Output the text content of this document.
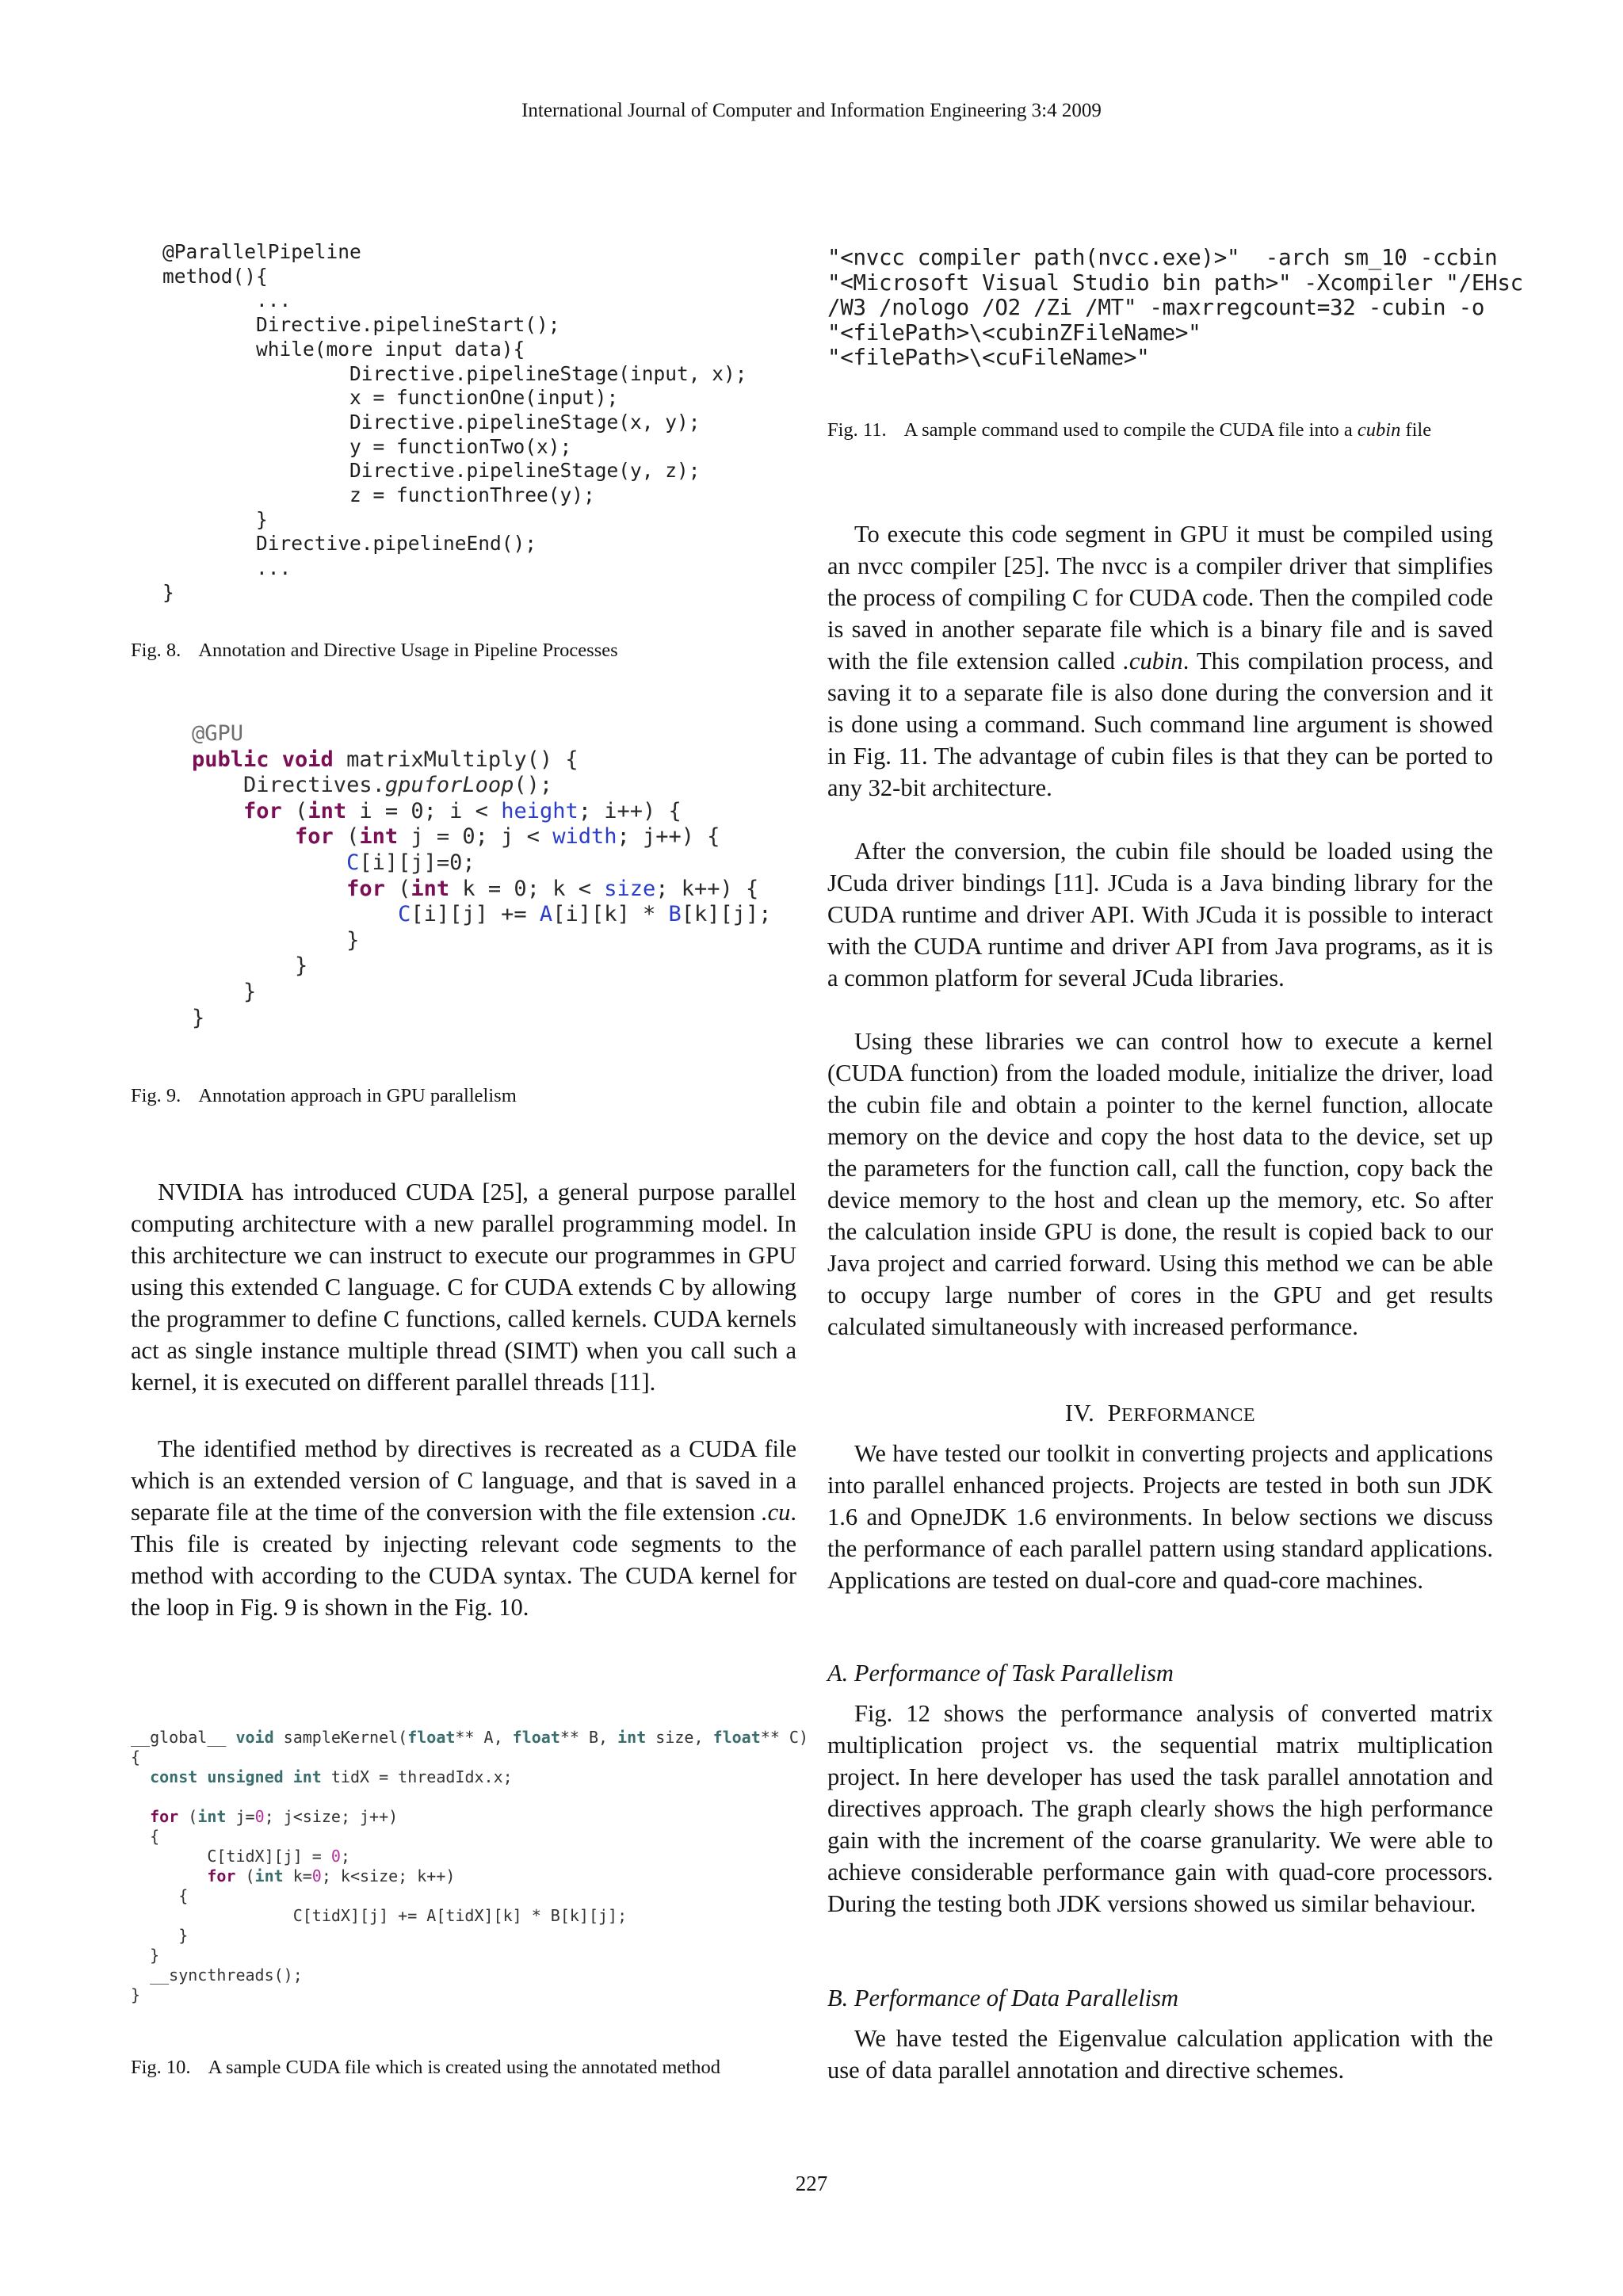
International Journal of Computer and Information Engineering 3:4 2009
@ParallelPipeline
method(){
...
Directive.pipelineStart();
while(more input data){
Directive.pipelineStage(input, x);
x = functionOne(input);
Directive.pipelineStage(x, y);
y = functionTwo(x);
Directive.pipelineStage(y, z);
z = functionThree(y);
}
Directive.pipelineEnd();
...
}
Fig. 8. Annotation and Directive Usage in Pipeline Processes
@GPU
public void matrixMultiply() {
Directives.gpuforLoop();
for (int i = 0; i < height; i++) {
for (int j = 0; j < width; j++) {
C[i][j]=0;
for (int k = 0; k < size; k++) {
C[i][j] += A[i][k] * B[k][j];
}
}
}
}
Fig. 9. Annotation approach in GPU parallelism
NVIDIA has introduced CUDA [25], a general purpose parallel computing architecture with a new parallel programming model. In this architecture we can instruct to execute our programmes in GPU using this extended C language. C for CUDA extends C by allowing the programmer to define C functions, called kernels. CUDA kernels act as single instance multiple thread (SIMT) when you call such a kernel, it is executed on different parallel threads [11].
The identified method by directives is recreated as a CUDA file which is an extended version of C language, and that is saved in a separate file at the time of the conversion with the file extension .cu. This file is created by injecting relevant code segments to the method with according to the CUDA syntax. The CUDA kernel for the loop in Fig. 9 is shown in the Fig. 10.
__global__ void sampleKernel(float** A, float** B, int size, float** C)
{
const unsigned int tidX = threadIdx.x;

for (int j=0; j<size; j++)
{
C[tidX][j] = 0;
for (int k=0; k<size; k++)
{
C[tidX][j] += A[tidX][k] * B[k][j];
}
}
__syncthreads();
}
Fig. 10. A sample CUDA file which is created using the annotated method
"<nvcc compiler path(nvcc.exe)>"  -arch sm_10 -ccbin
"<Microsoft Visual Studio bin path>" -Xcompiler "/EHsc
/W3 /nologo /O2 /Zi /MT" -maxrregcount=32 -cubin -o
"<filePath>\<cubinZFileName>"
"<filePath>\<cuFileName>"
Fig. 11. A sample command used to compile the CUDA file into a cubin file
To execute this code segment in GPU it must be compiled using an nvcc compiler [25]. The nvcc is a compiler driver that simplifies the process of compiling C for CUDA code. Then the compiled code is saved in another separate file which is a binary file and is saved with the file extension called .cubin. This compilation process, and saving it to a separate file is also done during the conversion and it is done using a command. Such command line argument is showed in Fig. 11. The advantage of cubin files is that they can be ported to any 32-bit architecture.
After the conversion, the cubin file should be loaded using the JCuda driver bindings [11]. JCuda is a Java binding library for the CUDA runtime and driver API. With JCuda it is possible to interact with the CUDA runtime and driver API from Java programs, as it is a common platform for several JCuda libraries.
Using these libraries we can control how to execute a kernel (CUDA function) from the loaded module, initialize the driver, load the cubin file and obtain a pointer to the kernel function, allocate memory on the device and copy the host data to the device, set up the parameters for the function call, call the function, copy back the device memory to the host and clean up the memory, etc. So after the calculation inside GPU is done, the result is copied back to our Java project and carried forward. Using this method we can be able to occupy large number of cores in the GPU and get results calculated simultaneously with increased performance.
IV. PERFORMANCE
We have tested our toolkit in converting projects and applications into parallel enhanced projects. Projects are tested in both sun JDK 1.6 and OpneJDK 1.6 environments. In below sections we discuss the performance of each parallel pattern using standard applications. Applications are tested on dual-core and quad-core machines.
A. Performance of Task Parallelism
Fig. 12 shows the performance analysis of converted matrix multiplication project vs. the sequential matrix multiplication project. In here developer has used the task parallel annotation and directives approach. The graph clearly shows the high performance gain with the increment of the coarse granularity. We were able to achieve considerable performance gain with quad-core processors. During the testing both JDK versions showed us similar behaviour.
B. Performance of Data Parallelism
We have tested the Eigenvalue calculation application with the use of data parallel annotation and directive schemes.
227
